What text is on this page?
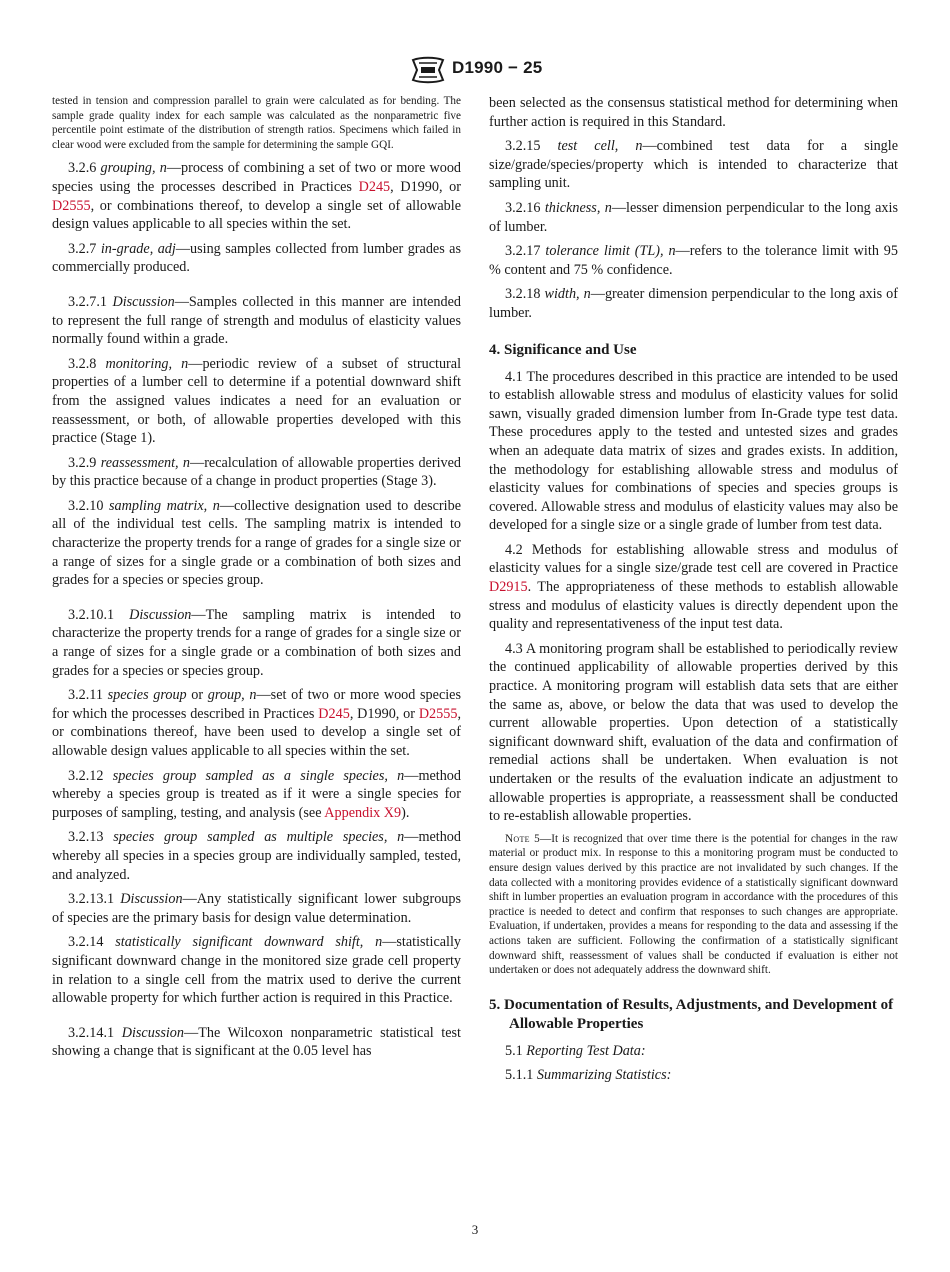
D1990 − 25

tested in tension and compression parallel to grain were calculated as for bending. The sample grade quality index for each sample was calculated as the nonparametric five percentile point estimate of the distribution of strength ratios. Specimens which failed in clear wood were excluded from the sample for determining the sample GQI.

3.2.6 grouping, n—process of combining a set of two or more wood species using the processes described in Practices D245, D1990, or D2555, or combinations thereof, to develop a single set of allowable design values applicable to all species within the set.

3.2.7 in-grade, adj—using samples collected from lumber grades as commercially produced.

3.2.7.1 Discussion—Samples collected in this manner are intended to represent the full range of strength and modulus of elasticity values normally found within a grade.

3.2.8 monitoring, n—periodic review of a subset of structural properties of a lumber cell to determine if a potential downward shift from the assigned values indicates a need for an evaluation or reassessment, or both, of allowable properties developed with this practice (Stage 1).

3.2.9 reassessment, n—recalculation of allowable properties derived by this practice because of a change in product properties (Stage 3).

3.2.10 sampling matrix, n—collective designation used to describe all of the individual test cells. The sampling matrix is intended to characterize the property trends for a range of grades for a single size or a range of sizes for a single grade or a combination of both sizes and grades for a species or species group.

3.2.10.1 Discussion—The sampling matrix is intended to characterize the property trends for a range of grades for a single size or a range of sizes for a single grade or a combination of both sizes and grades for a species or species group.

3.2.11 species group or group, n—set of two or more wood species for which the processes described in Practices D245, D1990, or D2555, or combinations thereof, have been used to develop a single set of allowable design values applicable to all species within the set.

3.2.12 species group sampled as a single species, n—method whereby a species group is treated as if it were a single species for purposes of sampling, testing, and analysis (see Appendix X9).

3.2.13 species group sampled as multiple species, n—method whereby all species in a species group are individually sampled, tested, and analyzed.

3.2.13.1 Discussion—Any statistically significant lower subgroups of species are the primary basis for design value determination.

3.2.14 statistically significant downward shift, n—statistically significant downward change in the monitored size grade cell property in relation to a single cell from the matrix used to derive the current allowable property for which further action is required in this Practice.

3.2.14.1 Discussion—The Wilcoxon nonparametric statistical test showing a change that is significant at the 0.05 level has

been selected as the consensus statistical method for determining when further action is required in this Standard.

3.2.15 test cell, n—combined test data for a single size/grade/species/property which is intended to characterize that sampling unit.

3.2.16 thickness, n—lesser dimension perpendicular to the long axis of lumber.

3.2.17 tolerance limit (TL), n—refers to the tolerance limit with 95 % content and 75 % confidence.

3.2.18 width, n—greater dimension perpendicular to the long axis of lumber.

4. Significance and Use

4.1 The procedures described in this practice are intended to be used to establish allowable stress and modulus of elasticity values for solid sawn, visually graded dimension lumber from In-Grade type test data. These procedures apply to the tested and untested sizes and grades when an adequate data matrix of sizes and grades exists. In addition, the methodology for establishing allowable stress and modulus of elasticity values for combinations of species and species groups is covered. Allowable stress and modulus of elasticity values may also be developed for a single size or a single grade of lumber from test data.

4.2 Methods for establishing allowable stress and modulus of elasticity values for a single size/grade test cell are covered in Practice D2915. The appropriateness of these methods to establish allowable stress and modulus of elasticity values is directly dependent upon the quality and representativeness of the input test data.

4.3 A monitoring program shall be established to periodically review the continued applicability of allowable properties derived by this practice. A monitoring program will establish data sets that are either the same as, above, or below the data that was used to develop the current allowable properties. Upon detection of a statistically significant downward shift, evaluation of the data and confirmation of remedial actions shall be undertaken. When evaluation is not undertaken or the results of the evaluation indicate an adjustment to allowable properties is appropriate, a reassessment shall be conducted to re-establish allowable properties.

Note 5—It is recognized that over time there is the potential for changes in the raw material or product mix. In response to this a monitoring program must be conducted to ensure design values derived by this practice are not invalidated by such changes. If the data collected with a monitoring provides evidence of a statistically significant downward shift in lumber properties an evaluation program in accordance with the procedures of this practice is needed to detect and confirm that responses to such changes are appropriate. Evaluation, if undertaken, provides a means for responding to the data and assessing if the actions taken are sufficient. Following the confirmation of a statistically significant downward shift, reassessment of values shall be conducted if evaluation is either not undertaken or does not adequately address the downward shift.

5. Documentation of Results, Adjustments, and Development of Allowable Properties

5.1 Reporting Test Data:

5.1.1 Summarizing Statistics:

3
